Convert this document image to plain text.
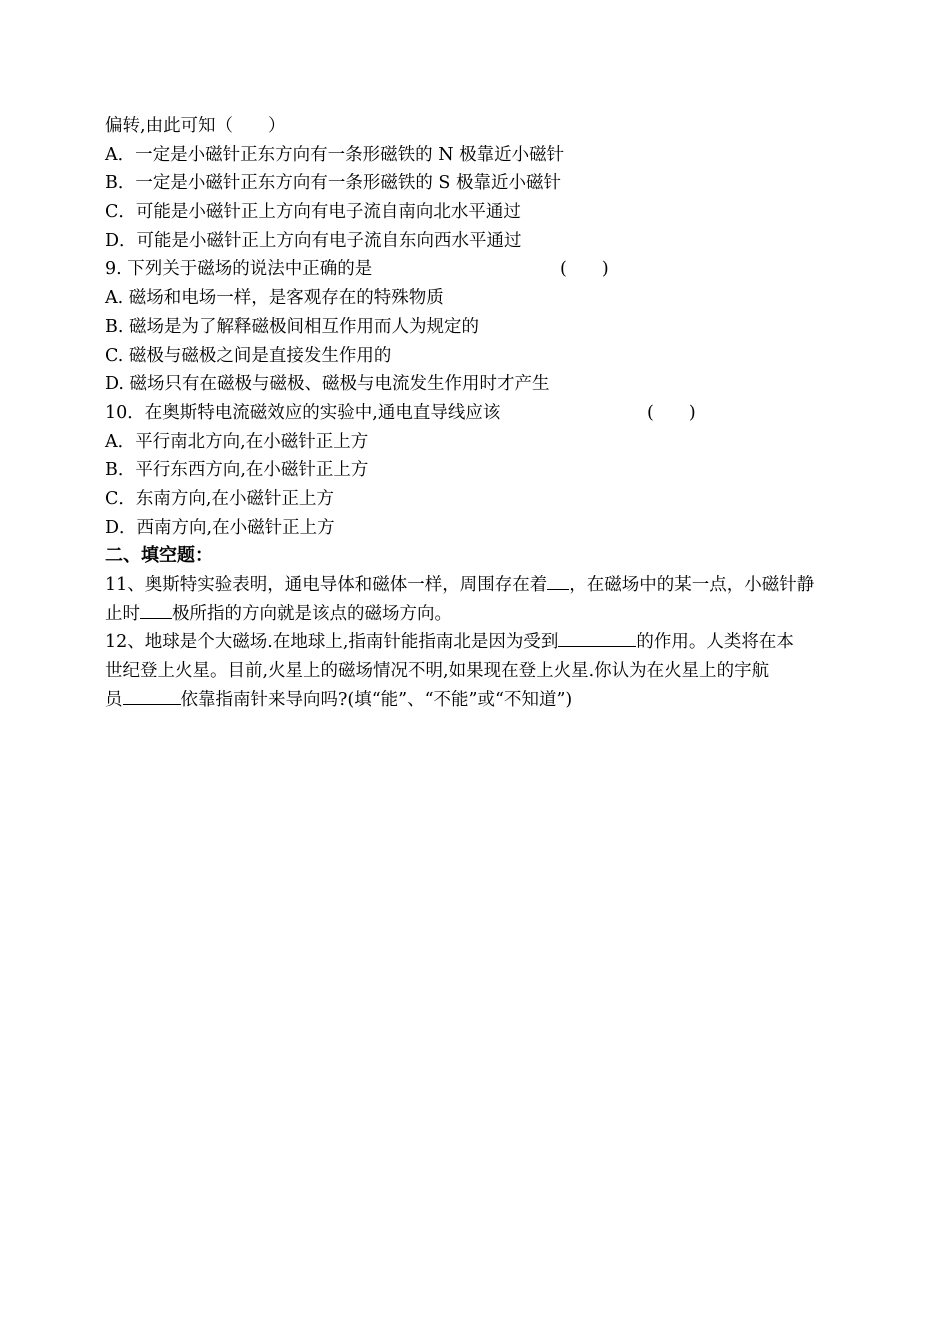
偏转,由此可知（　　）
A．一定是小磁针正东方向有一条形磁铁的 N 极靠近小磁针
B．一定是小磁针正东方向有一条形磁铁的 S 极靠近小磁针
C．可能是小磁针正上方向有电子流自南向北水平通过
D．可能是小磁针正上方向有电子流自东向西水平通过
9. 下列关于磁场的说法中正确的是	(　　)
A. 磁场和电场一样，是客观存在的特殊物质
B. 磁场是为了解释磁极间相互作用而人为规定的
C. 磁极与磁极之间是直接发生作用的
D. 磁场只有在磁极与磁极、磁极与电流发生作用时才产生
10．在奥斯特电流磁效应的实验中,通电直导线应该	(　　)
A．平行南北方向,在小磁针正上方
B．平行东西方向,在小磁针正上方
C．东南方向,在小磁针正上方
D．西南方向,在小磁针正上方
二、填空题：
11、奥斯特实验表明，通电导体和磁体一样，周围存在着 ，在磁场中的某一点，小磁针静
止时 极所指的方向就是该点的磁场方向。
12、地球是个大磁场.在地球上,指南针能指南北是因为受到	的作用。人类将在本
世纪登上火星。目前,火星上的磁场情况不明,如果现在登上火星.你认为在火星上的宇航
员	依靠指南针来导向吗?(填“能”、“不能”或“不知道”)
